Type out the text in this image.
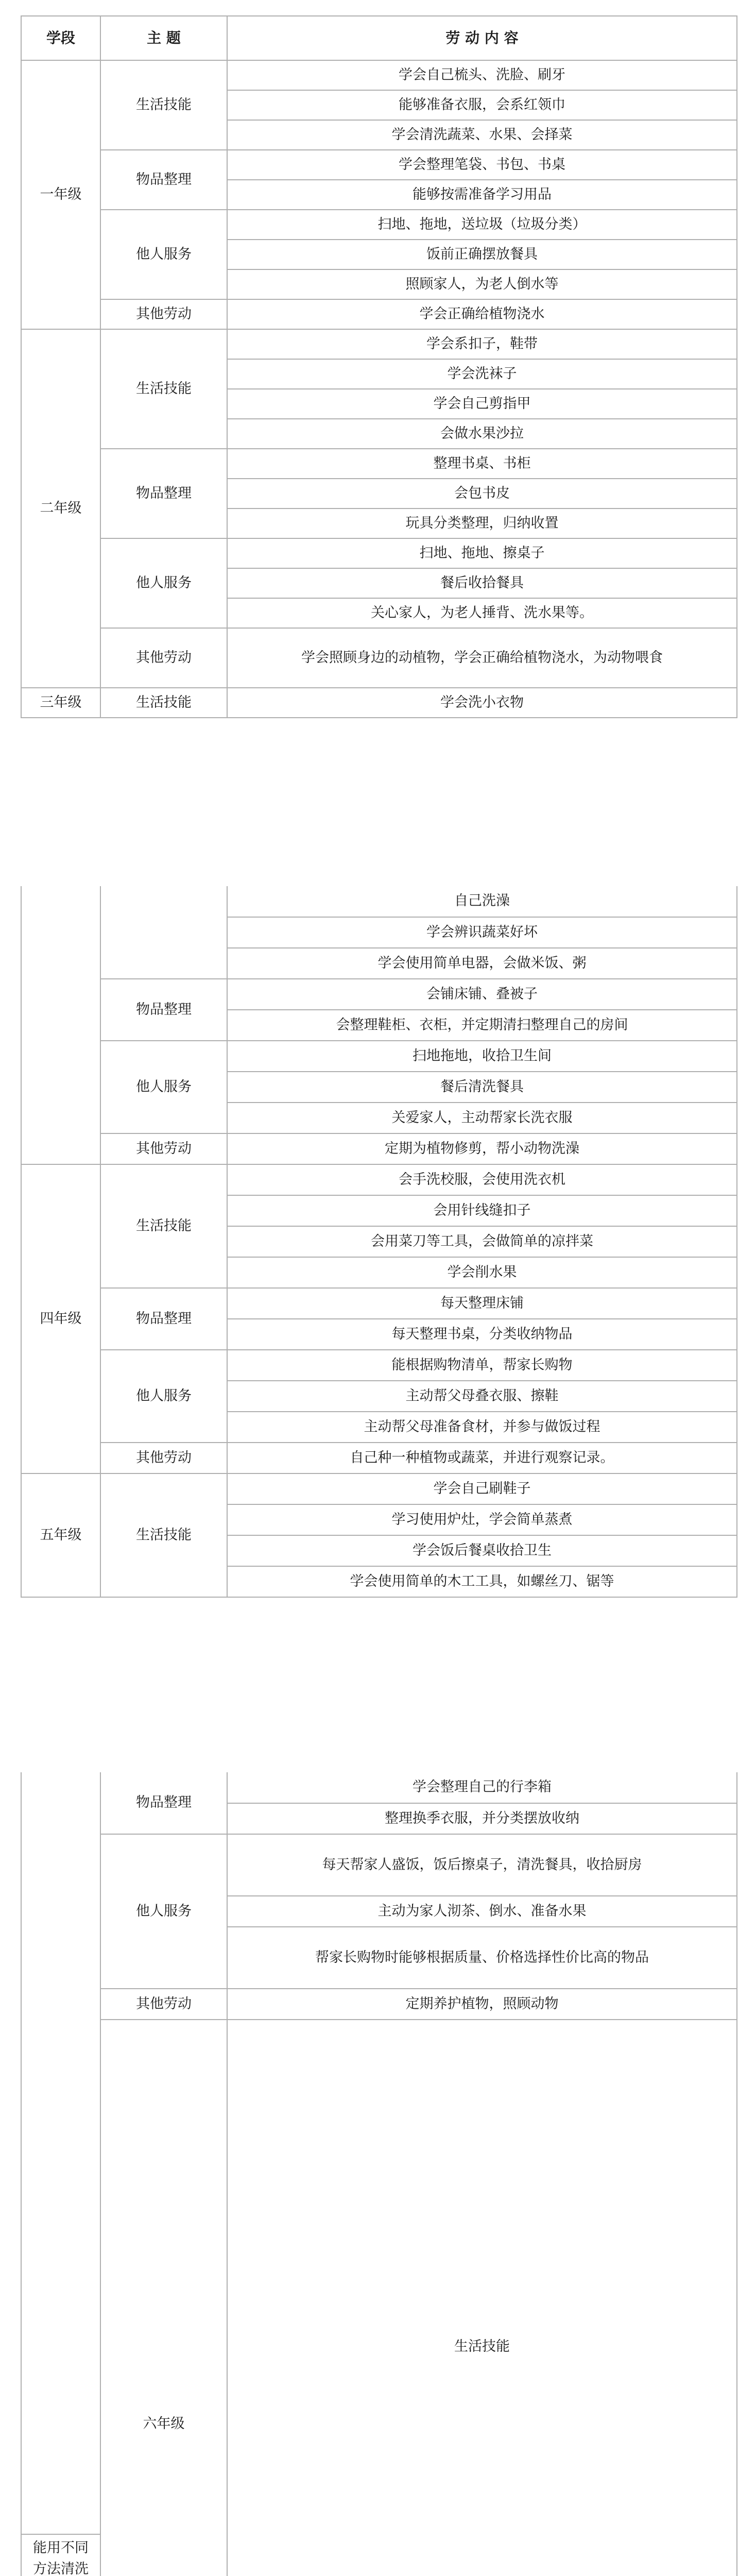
学段	主 题	劳 动 内 容
一年级	生活技能	学会自己梳头、洗脸、刷牙
		能够准备衣服，会系红领巾
		学会清洗蔬菜、水果、会择菜
	物品整理	学会整理笔袋、书包、书桌
		能够按需准备学习用品
	他人服务	扫地、拖地，送垃圾（垃圾分类）
		饭前正确摆放餐具
		照顾家人，为老人倒水等
	其他劳动	学会正确给植物浇水
二年级	生活技能	学会系扣子，鞋带
		学会洗袜子
		学会自己剪指甲
		会做水果沙拉
	物品整理	整理书桌、书柜
		会包书皮
		玩具分类整理，归纳收置
	他人服务	扫地、拖地、擦桌子
		餐后收拾餐具
		关心家人，为老人捶背、洗水果等。
	其他劳动	学会照顾身边的动植物，学会正确给植物浇水，为动物喂食
三年级	生活技能	学会洗小衣物
		自己洗澡
		学会辨识蔬菜好坏
		学会使用简单电器，会做米饭、粥
	物品整理	会铺床铺、叠被子
		会整理鞋柜、衣柜，并定期清扫整理自己的房间
	他人服务	扫地拖地，收拾卫生间
		餐后清洗餐具
		关爱家人，主动帮家长洗衣服
	其他劳动	定期为植物修剪，帮小动物洗澡
四年级	生活技能	会手洗校服，会使用洗衣机
		会用针线缝扣子
		会用菜刀等工具，会做简单的凉拌菜
		学会削水果
	物品整理	每天整理床铺
		每天整理书桌，分类收纳物品
	他人服务	能根据购物清单，帮家长购物
		主动帮父母叠衣服、擦鞋
		主动帮父母准备食材，并参与做饭过程
	其他劳动	自己种一种植物或蔬菜，并进行观察记录。
五年级	生活技能	学会自己刷鞋子
		学习使用炉灶，学会简单蒸煮
		学会饭后餐桌收拾卫生
		学会使用简单的木工工具，如螺丝刀、锯等
	物品整理	学会整理自己的行李箱	
		整理换季衣服，并分类摆放收纳	
	他人服务	每天帮家人盛饭，饭后擦桌子，清洗餐具，收拾厨房	
		主动为家人沏茶、倒水、准备水果	
		帮家长购物时能够根据质量、价格选择性价比高的物品	
	其他劳动	定期养护植物，照顾动物	
	六年级	生活技能	

能用不同方法清洗			
